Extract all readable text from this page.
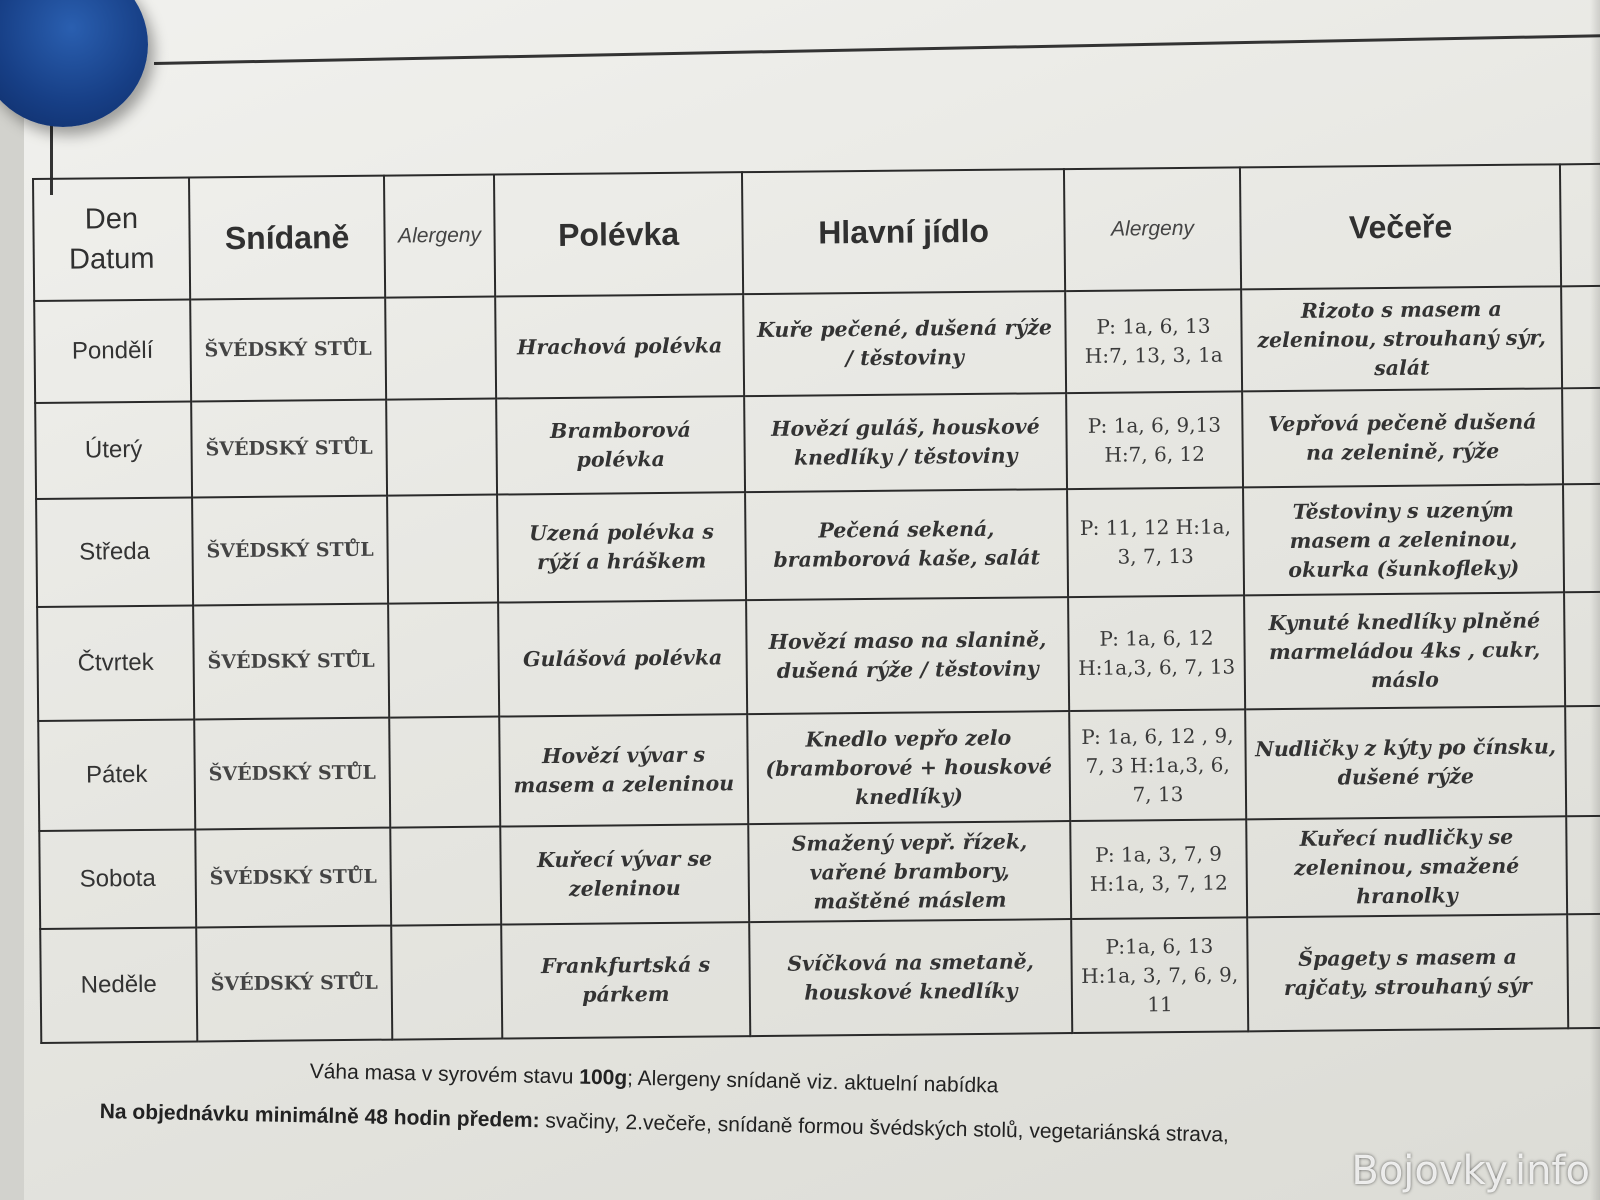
Den
Datum	Snídaně	Alergeny	Polévka	Hlavní jídlo	Alergeny	Večeře	
Pondělí	ŠVÉDSKÝ STŮL		Hrachová polévka	Kuře pečené, dušená rýže / těstoviny	P: 1a, 6, 13 H:7, 13, 3, 1a	Rizoto s masem a zeleninou, strouhaný sýr, salát	
Úterý	ŠVÉDSKÝ STŮL		Bramborová polévka	Hovězí guláš, houskové knedlíky / těstoviny	P: 1a, 6, 9,13 H:7, 6, 12	Vepřová pečeně dušená na zelenině, rýže	
Středa	ŠVÉDSKÝ STŮL		Uzená polévka s rýží a hráškem	Pečená sekená, bramborová kaše, salát	P: 11, 12 H:1a, 3, 7, 13	Těstoviny s uzeným masem a zeleninou, okurka (šunkofleky)	
Čtvrtek	ŠVÉDSKÝ STŮL		Gulášová polévka	Hovězí maso na slanině, dušená rýže / těstoviny	P: 1a, 6, 12 H:1a,3, 6, 7, 13	Kynuté knedlíky plněné marmeládou 4ks , cukr, máslo	
Pátek	ŠVÉDSKÝ STŮL		Hovězí vývar s masem a zeleninou	Knedlo vepřo zelo (bramborové + houskové knedlíky)	P: 1a, 6, 12 , 9, 7, 3 H:1a,3, 6, 7, 13	Nudličky z kýty po čínsku, dušené rýže	
Sobota	ŠVÉDSKÝ STŮL		Kuřecí vývar se zeleninou	Smažený vepř. řízek, vařené brambory, maštěné máslem	P: 1a, 3, 7, 9 H:1a, 3, 7, 12	Kuřecí nudličky se zeleninou, smažené hranolky	
Neděle	ŠVÉDSKÝ STŮL		Frankfurtská s párkem	Svíčková na smetaně, houskové knedlíky	P:1a, 6, 13 H:1a, 3, 7, 6, 9, 11	Špagety s masem a rajčaty, strouhaný sýr	
Váha masa v syrovém stavu 100g; Alergeny snídaně viz. aktuelní nabídka
Na objednávku minimálně 48 hodin předem: svačiny, 2.večeře, snídaně formou švédských stolů, vegetariánská strava,
Bojovky.info
